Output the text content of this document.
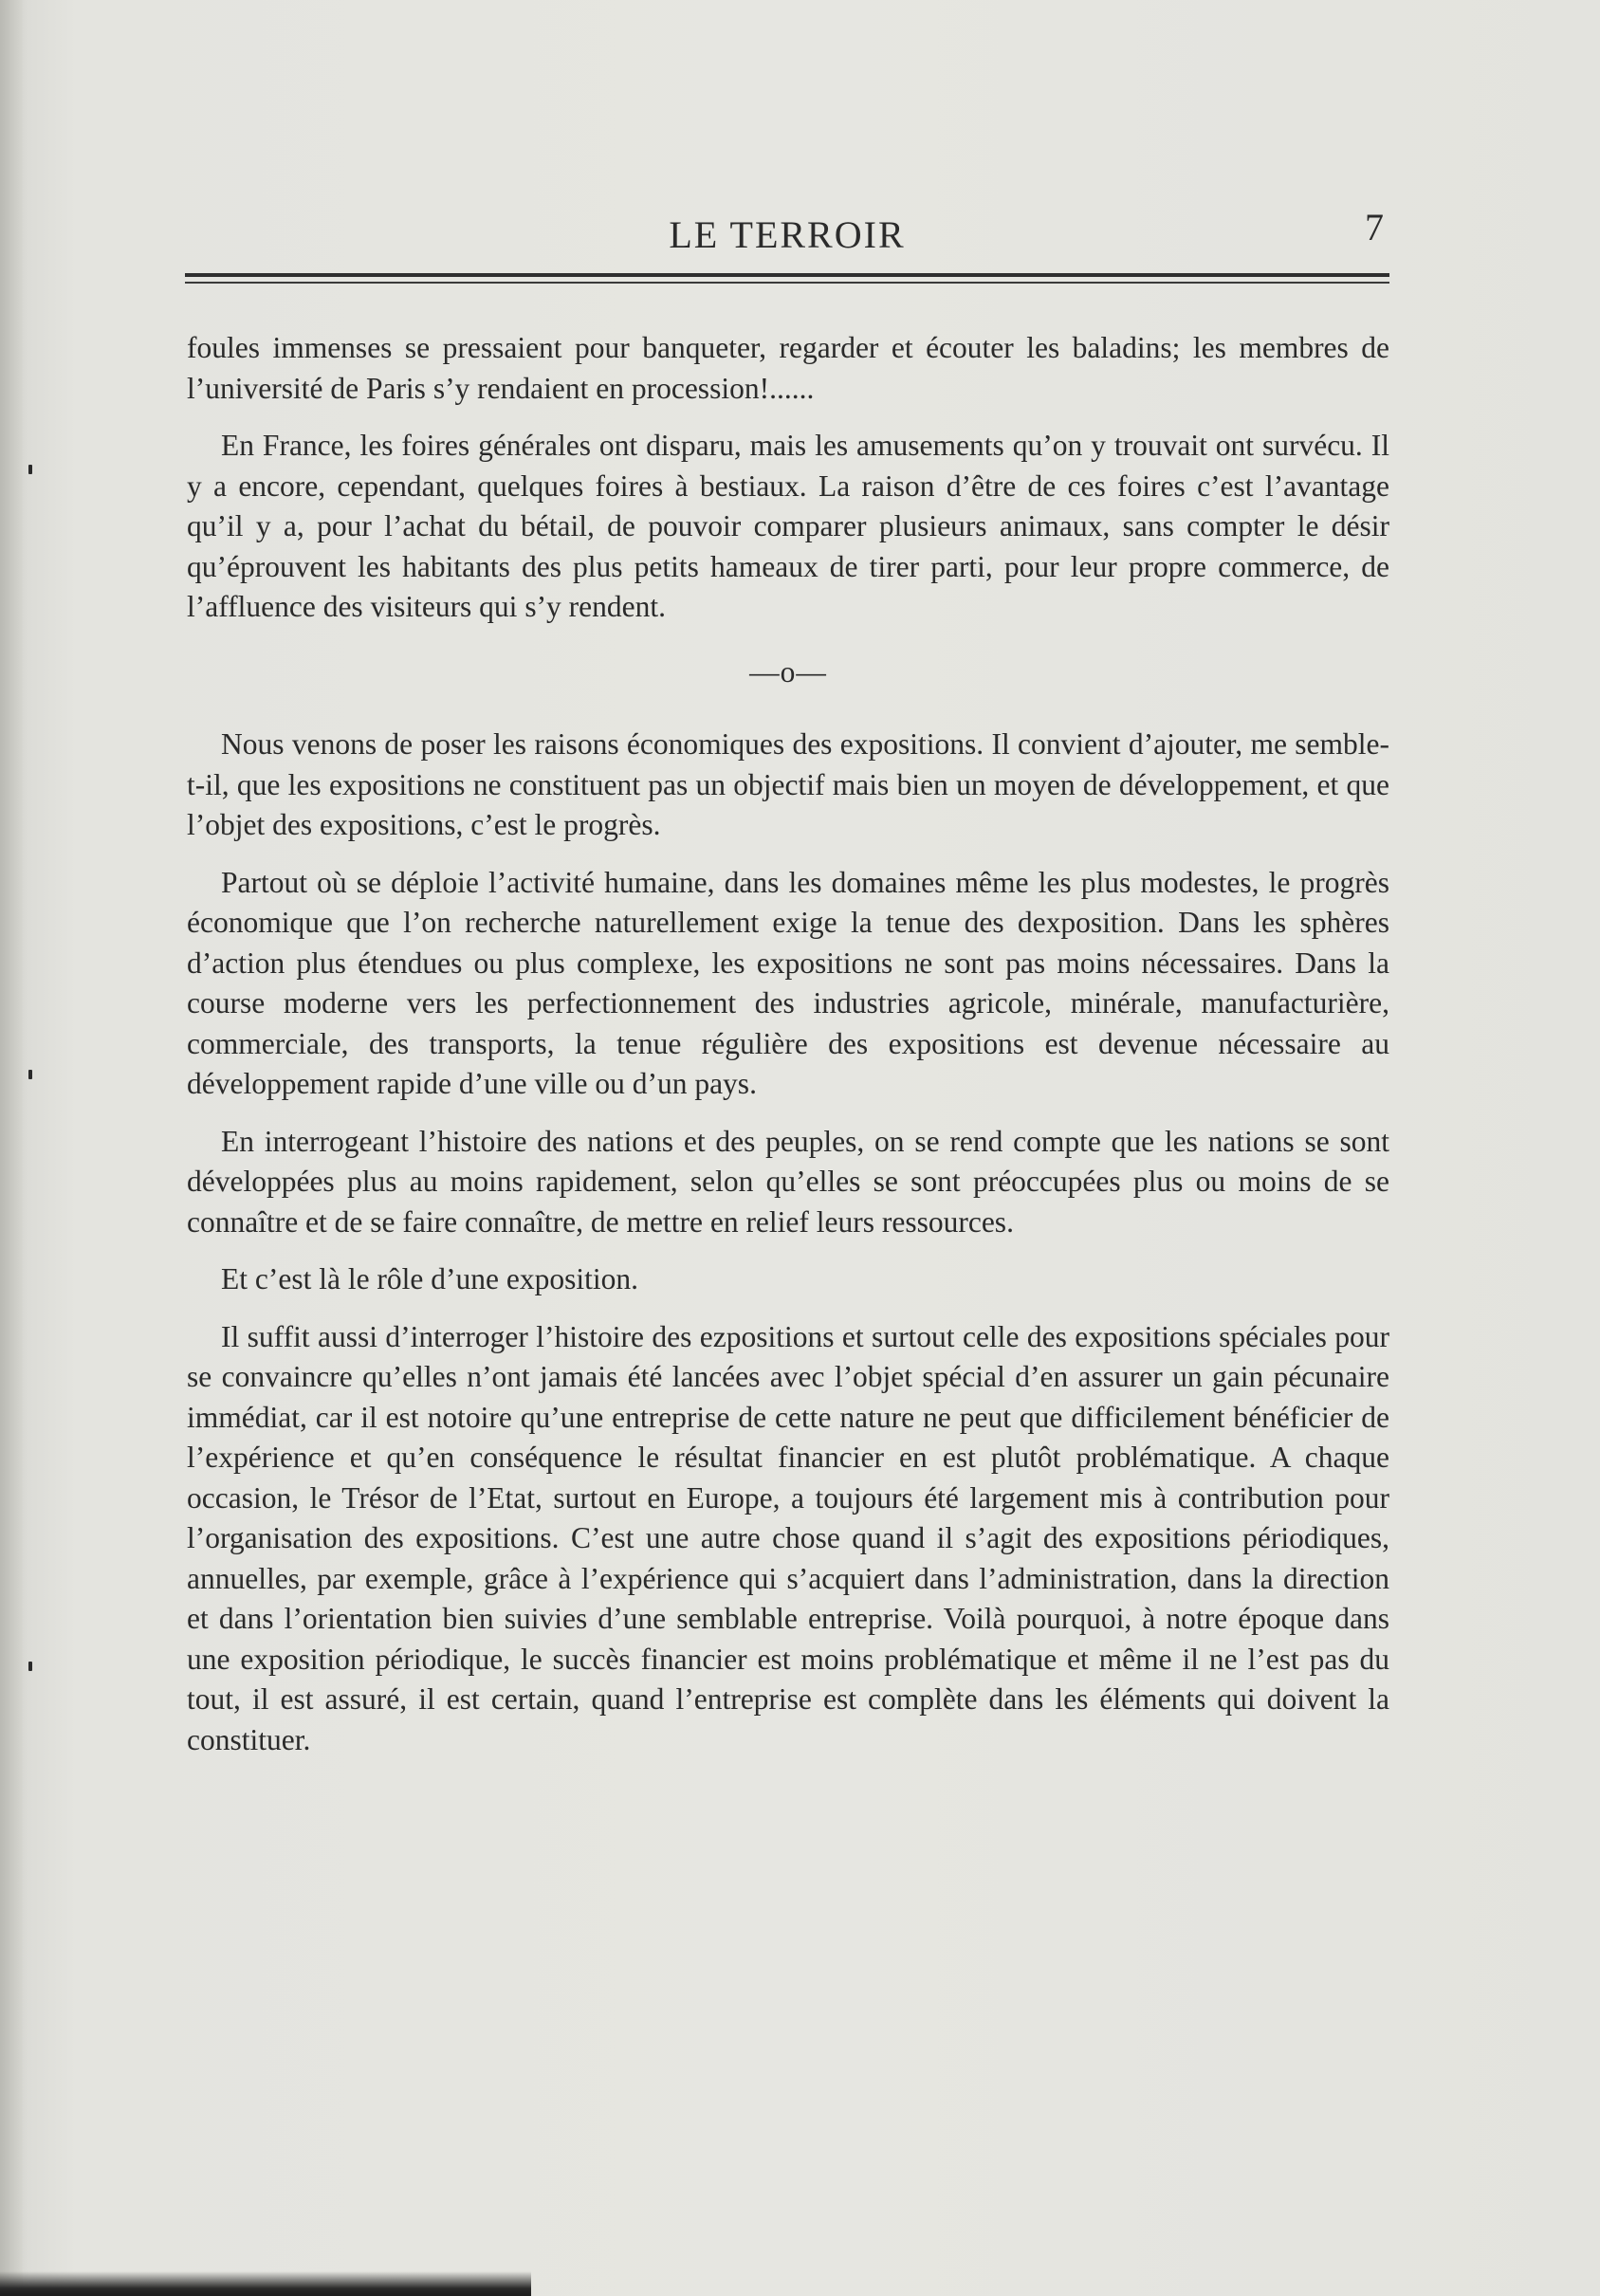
LE TERROIR	7

foules immenses se pressaient pour banqueter, regarder et écouter les baladins; les membres de l’université de Paris s’y rendaient en procession!......

En France, les foires générales ont disparu, mais les amusements qu’on y trouvait ont survécu. Il y a encore, cependant, quelques foires à bestiaux. La raison d’être de ces foires c’est l’avantage qu’il y a, pour l’achat du bétail, de pouvoir comparer plusieurs animaux, sans compter le désir qu’éprouvent les habitants des plus petits hameaux de tirer parti, pour leur propre commerce, de l’affluence des visiteurs qui s’y rendent.

—o—

Nous venons de poser les raisons économiques des expositions. Il convient d’ajouter, me semble-t-il, que les expositions ne constituent pas un objectif mais bien un moyen de développement, et que l’objet des expositions, c’est le progrès.

Partout où se déploie l’activité humaine, dans les domaines même les plus modestes, le progrès économique que l’on recherche naturellement exige la tenue des dexposition. Dans les sphères d’action plus étendues ou plus complexe, les expositions ne sont pas moins nécessaires. Dans la course moderne vers les perfectionnement des industries agricole, minérale, manufacturière, commerciale, des transports, la tenue régulière des expositions est devenue nécessaire au développement rapide d’une ville ou d’un pays.

En interrogeant l’histoire des nations et des peuples, on se rend compte que les nations se sont développées plus au moins rapidement, selon qu’elles se sont préoccupées plus ou moins de se connaître et de se faire connaître, de mettre en relief leurs ressources.

Et c’est là le rôle d’une exposition.

Il suffit aussi d’interroger l’histoire des ezpositions et surtout celle des expositions spéciales pour se convaincre qu’elles n’ont jamais été lancées avec l’objet spécial d’en assurer un gain pécunaire immédiat, car il est notoire qu’une entreprise de cette nature ne peut que difficilement bénéficier de l’expérience et qu’en conséquence le résultat financier en est plutôt problématique. A chaque occasion, le Trésor de l’Etat, surtout en Europe, a toujours été largement mis à contribution pour l’organisation des expositions. C’est une autre chose quand il s’agit des expositions périodiques, annuelles, par exemple, grâce à l’expérience qui s’acquiert dans l’administration, dans la direction et dans l’orientation bien suivies d’une semblable entreprise. Voilà pourquoi, à notre époque dans une exposition périodique, le succès financier est moins problématique et même il ne l’est pas du tout, il est assuré, il est certain, quand l’entreprise est complète dans les éléments qui doivent la constituer.
